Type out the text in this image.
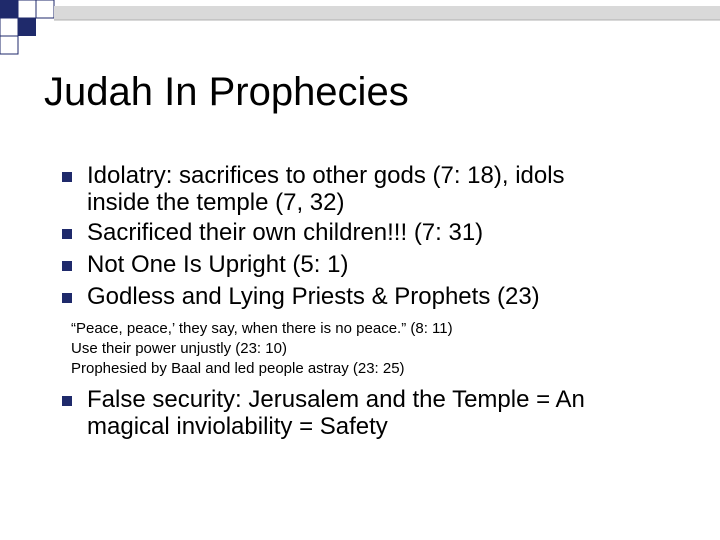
Judah In Prophecies
Idolatry: sacrifices to other gods (7: 18), idols
inside the temple (7, 32)
Sacrificed their own children!!! (7: 31)
Not One Is Upright (5: 1)
Godless and Lying Priests & Prophets (23)
“Peace, peace,’ they say, when there is no peace.” (8: 11)
Use their power unjustly (23: 10)
Prophesied by Baal and led people astray (23: 25)
False security: Jerusalem and the Temple = An
magical inviolability = Safety
